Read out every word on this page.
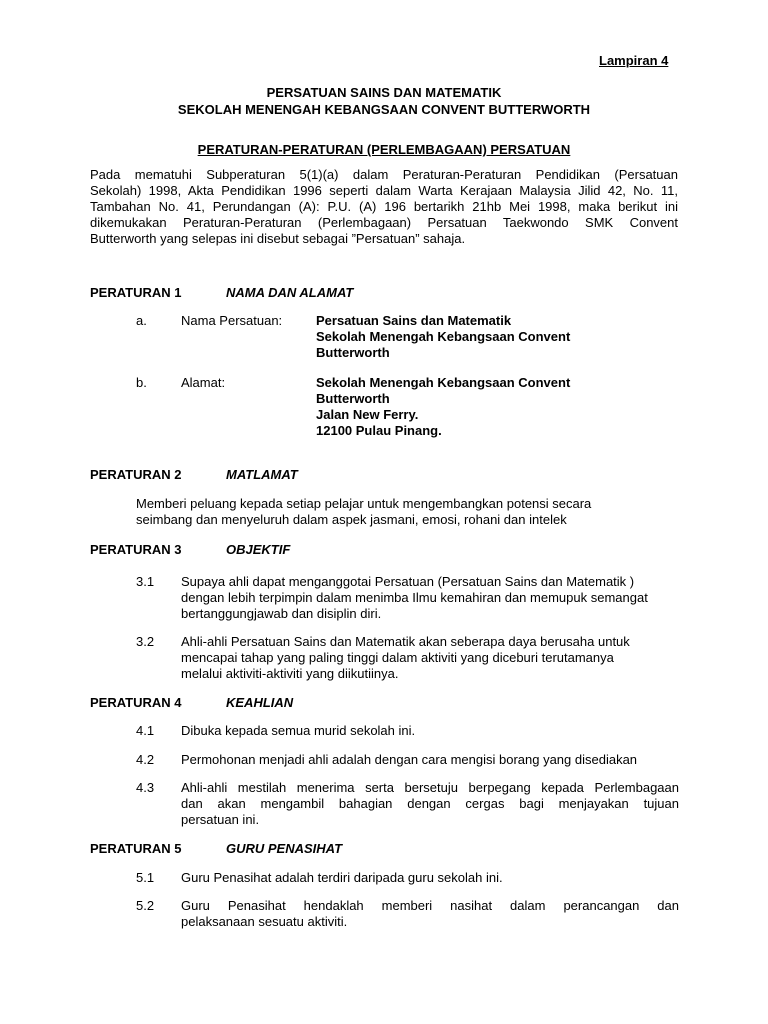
Lampiran 4
PERSATUAN SAINS DAN MATEMATIK
SEKOLAH MENENGAH KEBANGSAAN CONVENT BUTTERWORTH
PERATURAN-PERATURAN (PERLEMBAGAAN) PERSATUAN
Pada mematuhi Subperaturan 5(1)(a) dalam Peraturan-Peraturan Pendidikan (Persatuan
Sekolah) 1998, Akta Pendidikan 1996 seperti dalam Warta Kerajaan Malaysia Jilid 42, No. 11,
Tambahan No. 41, Perundangan (A): P.U. (A) 196 bertarikh 21hb Mei 1998, maka berikut ini
dikemukakan Peraturan-Peraturan (Perlembagaan) Persatuan Taekwondo SMK Convent
Butterworth yang selepas ini disebut sebagai ”Persatuan” sahaja.
PERATURAN 1	NAMA DAN ALAMAT
a.	Nama Persatuan:	Persatuan Sains dan Matematik
Sekolah Menengah Kebangsaan Convent
Butterworth
b.	Alamat:	Sekolah Menengah Kebangsaan Convent
Butterworth
Jalan New Ferry.
12100 Pulau Pinang.
PERATURAN 2	MATLAMAT
Memberi peluang kepada setiap pelajar untuk mengembangkan potensi secara
seimbang dan menyeluruh dalam aspek jasmani, emosi, rohani dan intelek
PERATURAN 3	OBJEKTIF
3.1 Supaya ahli dapat menganggotai Persatuan (Persatuan Sains dan Matematik )
dengan lebih terpimpin dalam menimba Ilmu kemahiran dan memupuk semangat
bertanggungjawab dan disiplin diri.
3.2 Ahli-ahli Persatuan Sains dan Matematik akan seberapa daya berusaha untuk
mencapai tahap yang paling tinggi dalam aktiviti yang diceburi terutamanya
melalui aktiviti-aktiviti yang diikutiinya.
PERATURAN 4	KEAHLIAN
4.1 Dibuka kepada semua murid sekolah ini.
4.2 Permohonan menjadi ahli adalah dengan cara mengisi borang yang disediakan
4.3 Ahli-ahli mestilah menerima serta bersetuju berpegang kepada Perlembagaan
dan akan mengambil bahagian dengan cergas bagi menjayakan tujuan
persatuan ini.
PERATURAN 5	GURU PENASIHAT
5.1 Guru Penasihat adalah terdiri daripada guru sekolah ini.
5.2 Guru Penasihat hendaklah memberi nasihat dalam perancangan dan
pelaksanaan sesuatu aktiviti.
